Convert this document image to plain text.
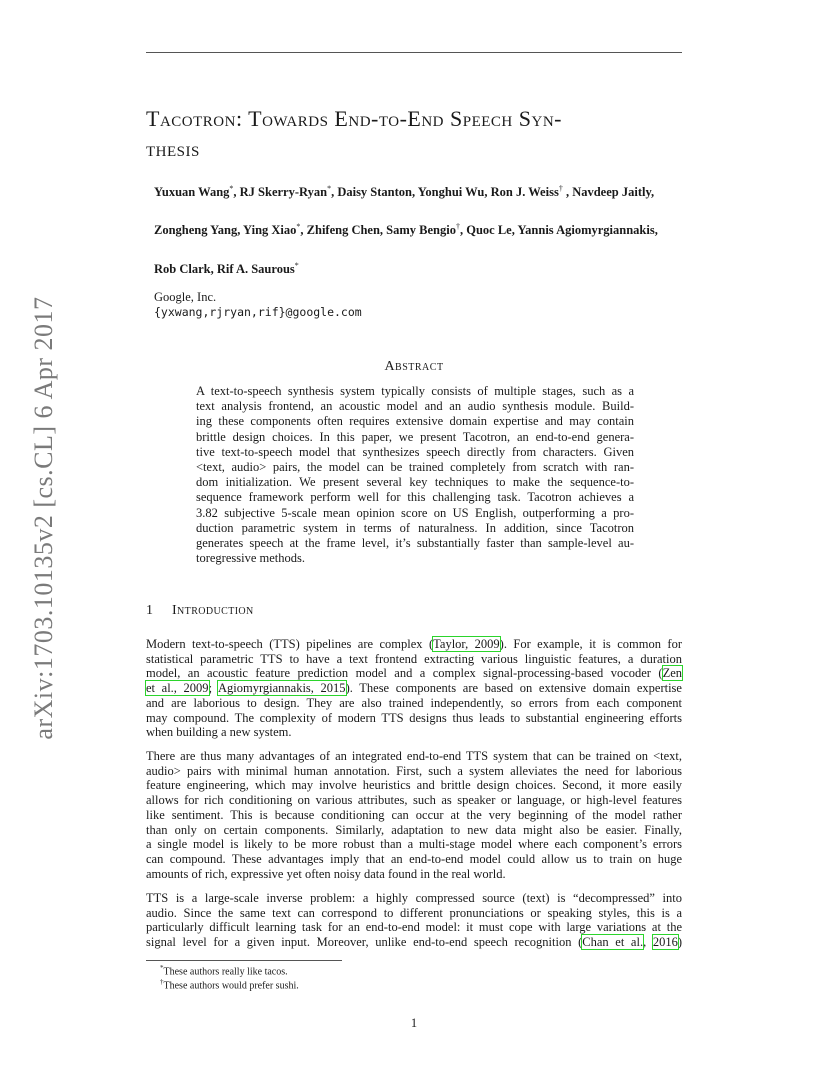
arXiv:1703.10135v2 [cs.CL] 6 Apr 2017
Tacotron: Towards End-to-End Speech Syn-
thesis
Yuxuan Wang*, RJ Skerry-Ryan*, Daisy Stanton, Yonghui Wu, Ron J. Weiss† , Navdeep Jaitly,
Zongheng Yang, Ying Xiao*, Zhifeng Chen, Samy Bengio†, Quoc Le, Yannis Agiomyrgiannakis,
Rob Clark, Rif A. Saurous*
Google, Inc.
{yxwang,rjryan,rif}@google.com
Abstract
A text-to-speech synthesis system typically consists of multiple stages, such as a
text analysis frontend, an acoustic model and an audio synthesis module. Build-
ing these components often requires extensive domain expertise and may contain
brittle design choices. In this paper, we present Tacotron, an end-to-end genera-
tive text-to-speech model that synthesizes speech directly from characters. Given
<text, audio> pairs, the model can be trained completely from scratch with ran-
dom initialization. We present several key techniques to make the sequence-to-
sequence framework perform well for this challenging task. Tacotron achieves a
3.82 subjective 5-scale mean opinion score on US English, outperforming a pro-
duction parametric system in terms of naturalness. In addition, since Tacotron
generates speech at the frame level, it’s substantially faster than sample-level au-
toregressive methods.
1 Introduction
Modern text-to-speech (TTS) pipelines are complex (Taylor, 2009). For example, it is common for
statistical parametric TTS to have a text frontend extracting various linguistic features, a duration
model, an acoustic feature prediction model and a complex signal-processing-based vocoder (Zen
et al., 2009; Agiomyrgiannakis, 2015). These components are based on extensive domain expertise
and are laborious to design. They are also trained independently, so errors from each component
may compound. The complexity of modern TTS designs thus leads to substantial engineering efforts
when building a new system.
There are thus many advantages of an integrated end-to-end TTS system that can be trained on <text,
audio> pairs with minimal human annotation. First, such a system alleviates the need for laborious
feature engineering, which may involve heuristics and brittle design choices. Second, it more easily
allows for rich conditioning on various attributes, such as speaker or language, or high-level features
like sentiment. This is because conditioning can occur at the very beginning of the model rather
than only on certain components. Similarly, adaptation to new data might also be easier. Finally,
a single model is likely to be more robust than a multi-stage model where each component’s errors
can compound. These advantages imply that an end-to-end model could allow us to train on huge
amounts of rich, expressive yet often noisy data found in the real world.
TTS is a large-scale inverse problem: a highly compressed source (text) is “decompressed” into
audio. Since the same text can correspond to different pronunciations or speaking styles, this is a
particularly difficult learning task for an end-to-end model: it must cope with large variations at the
signal level for a given input. Moreover, unlike end-to-end speech recognition (Chan et al., 2016)
*These authors really like tacos.
†These authors would prefer sushi.
1
